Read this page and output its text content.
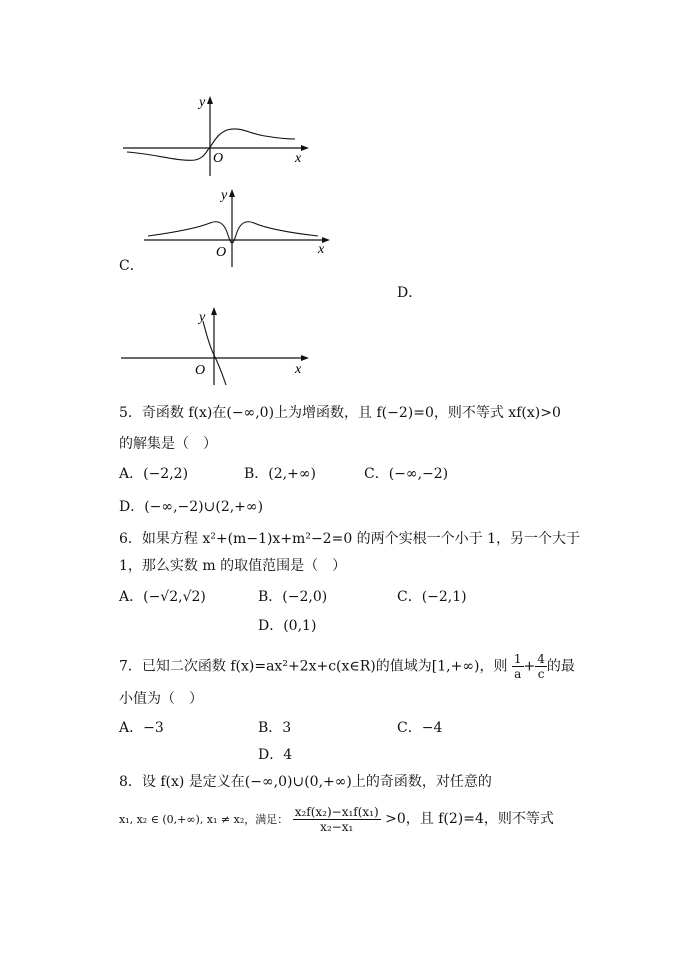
y
O	x
y
O	x
C．
D．
y
O	x
5．奇函数 f(x)在(−∞,0)上为增函数，且 f(−2)=0，则不等式 xf(x)>0
的解集是（　）
A．(−2,2)	B．(2,+∞)	C．(−∞,−2)
D．(−∞,−2)∪(2,+∞)
6．如果方程 x²+(m−1)x+m²−2=0 的两个实根一个小于 1，另一个大于
1，那么实数 m 的取值范围是（　）
A．(−√2,√2)	B．(−2,0)	C．(−2,1)
D．(0,1)
7．已知二次函数 f(x)=ax²+2x+c(x∈R)的值域为[1,+∞)，则 $\frac{1}{a} + \frac{4}{c}$ 的最
小值为（　）
A．−3	B．3	C．−4
D．4
8．设 f(x) 是定义在(−∞,0)∪(0,+∞)上的奇函数，对任意的
x₁, x₂ ∈ (0,+∞), x₁ ≠ x₂，满足： $\frac{\text{x₂f(x₂)−x₁f(x₁)}}{\text{x₂−x₁}} >0$，且 f(2)=4，则不等式
